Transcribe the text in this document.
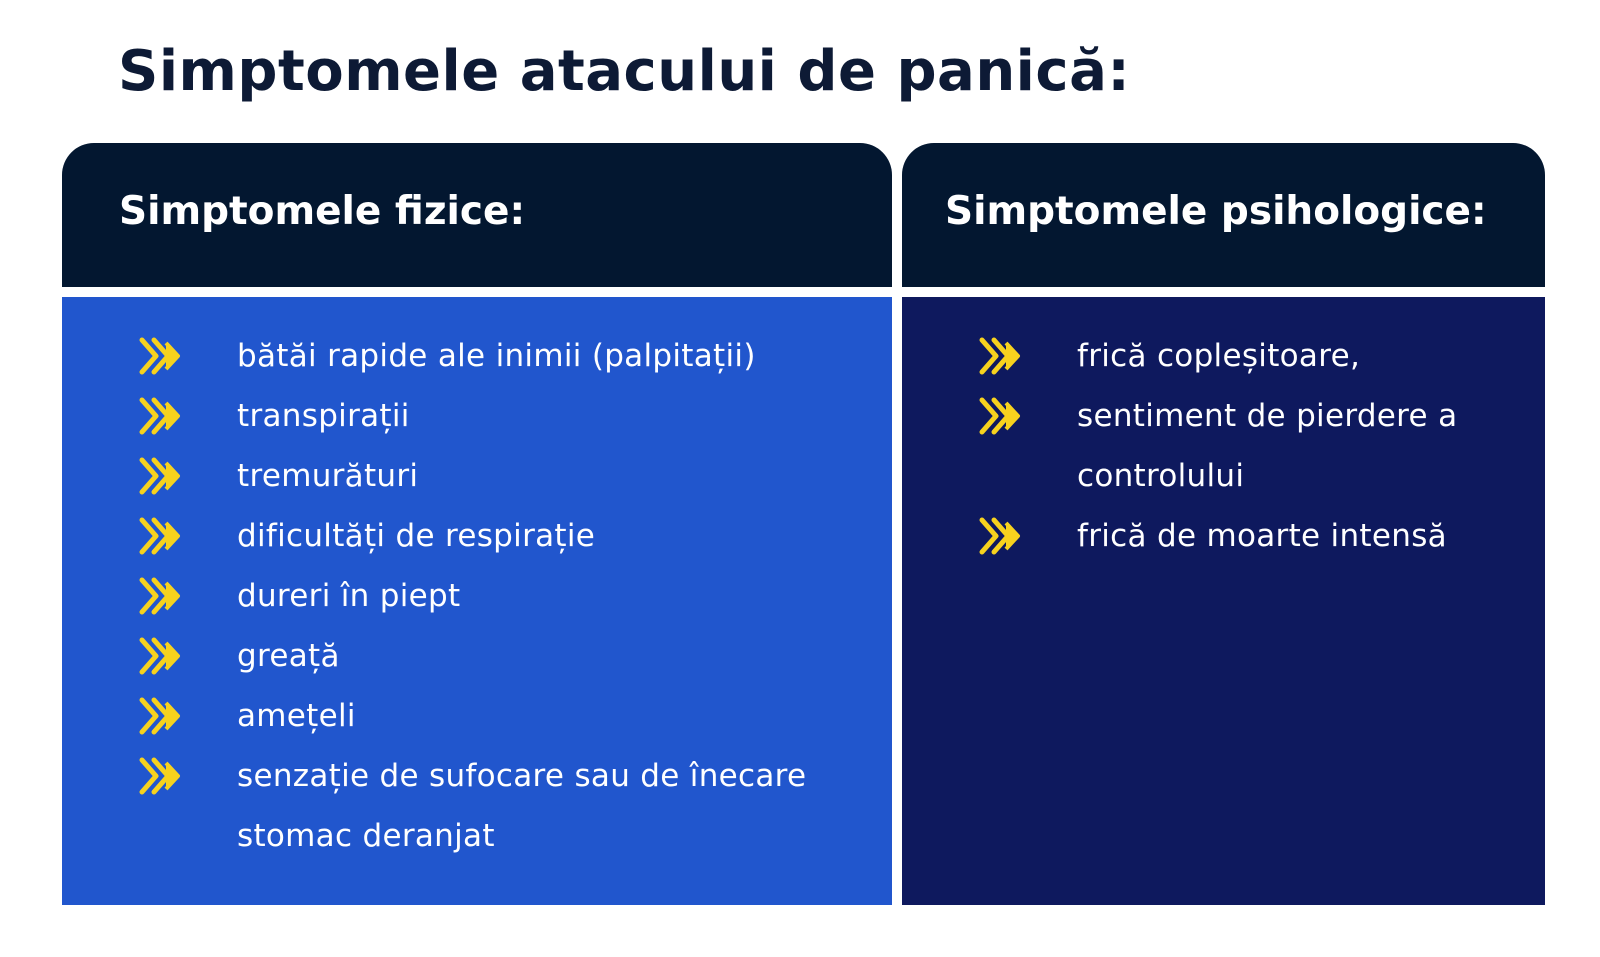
Simptomele atacului de panică:
Simptomele fizice:	Simptomele psihologice:
bătăi rapide ale inimii (palpitații)
transpirații
tremurături
dificultăți de respirație
dureri în piept
greață
amețeli
senzație de sufocare sau de înecare
stomac deranjat
frică copleșitoare,
sentiment de pierdere a
controlului
frică de moarte intensă
